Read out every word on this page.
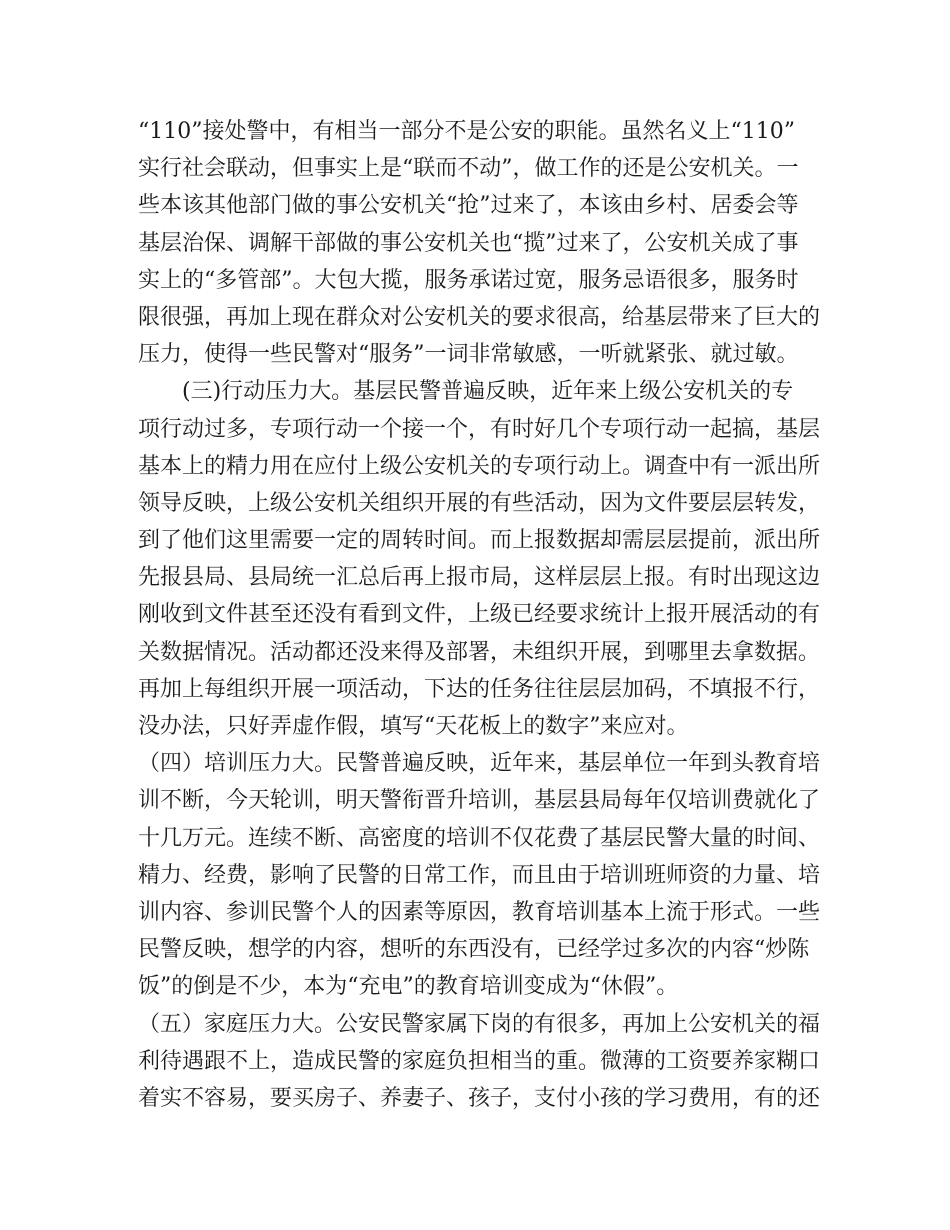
“110”接处警中，有相当一部分不是公安的职能。虽然名义上“110”
实行社会联动，但事实上是“联而不动”，做工作的还是公安机关。一
些本该其他部门做的事公安机关“抢”过来了，本该由乡村、居委会等
基层治保、调解干部做的事公安机关也“揽”过来了，公安机关成了事
实上的“多管部”。大包大揽，服务承诺过宽，服务忌语很多，服务时
限很强，再加上现在群众对公安机关的要求很高，给基层带来了巨大的
压力，使得一些民警对“服务”一词非常敏感，一听就紧张、就过敏。
　　(三)行动压力大。基层民警普遍反映，近年来上级公安机关的专
项行动过多，专项行动一个接一个，有时好几个专项行动一起搞，基层
基本上的精力用在应付上级公安机关的专项行动上。调查中有一派出所
领导反映，上级公安机关组织开展的有些活动，因为文件要层层转发，
到了他们这里需要一定的周转时间。而上报数据却需层层提前，派出所
先报县局、县局统一汇总后再上报市局，这样层层上报。有时出现这边
刚收到文件甚至还没有看到文件，上级已经要求统计上报开展活动的有
关数据情况。活动都还没来得及部署，未组织开展，到哪里去拿数据。
再加上每组织开展一项活动，下达的任务往往层层加码，不填报不行，
没办法，只好弄虚作假，填写“天花板上的数字”来应对。
（四）培训压力大。民警普遍反映，近年来，基层单位一年到头教育培
训不断，今天轮训，明天警衔晋升培训，基层县局每年仅培训费就化了
十几万元。连续不断、高密度的培训不仅花费了基层民警大量的时间、
精力、经费，影响了民警的日常工作，而且由于培训班师资的力量、培
训内容、参训民警个人的因素等原因，教育培训基本上流于形式。一些
民警反映，想学的内容，想听的东西没有，已经学过多次的内容“炒陈
饭”的倒是不少，本为“充电”的教育培训变成为“休假”。
（五）家庭压力大。公安民警家属下岗的有很多，再加上公安机关的福
利待遇跟不上，造成民警的家庭负担相当的重。微薄的工资要养家糊口
着实不容易，要买房子、养妻子、孩子，支付小孩的学习费用，有的还
